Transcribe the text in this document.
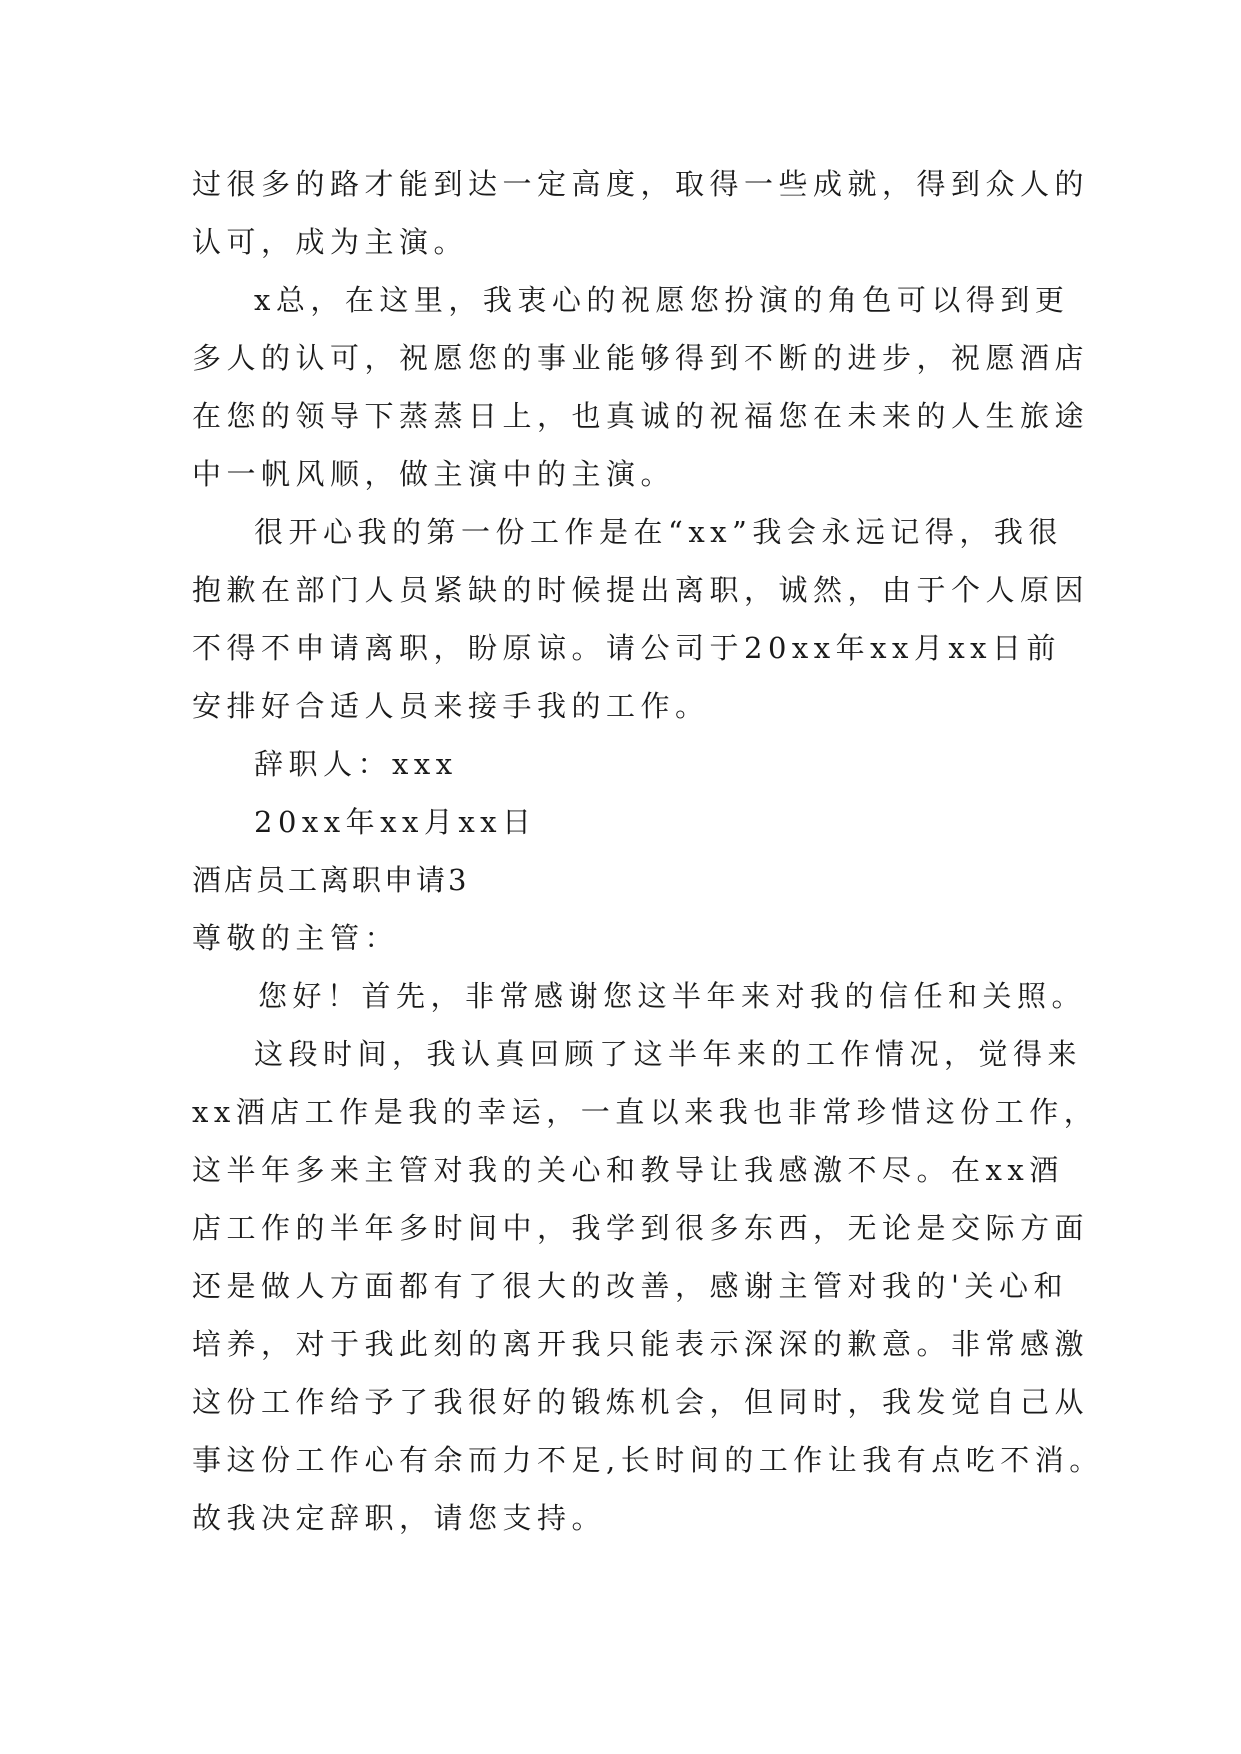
过很多的路才能到达一定高度，取得一些成就，得到众人的
认可，成为主演。
x总，在这里，我衷心的祝愿您扮演的角色可以得到更
多人的认可，祝愿您的事业能够得到不断的进步，祝愿酒店
在您的领导下蒸蒸日上，也真诚的祝福您在未来的人生旅途
中一帆风顺，做主演中的主演。
很开心我的第一份工作是在“xx”我会永远记得，我很
抱歉在部门人员紧缺的时候提出离职，诚然，由于个人原因
不得不申请离职，盼原谅。请公司于20xx年xx月xx日前
安排好合适人员来接手我的工作。
辞职人：xxx
20xx年xx月xx日
酒店员工离职申请3
尊敬的主管：
您好！首先，非常感谢您这半年来对我的信任和关照。
这段时间，我认真回顾了这半年来的工作情况，觉得来
xx酒店工作是我的幸运，一直以来我也非常珍惜这份工作，
这半年多来主管对我的关心和教导让我感激不尽。在xx酒
店工作的半年多时间中，我学到很多东西，无论是交际方面
还是做人方面都有了很大的改善，感谢主管对我的'关心和
培养，对于我此刻的离开我只能表示深深的歉意。非常感激
这份工作给予了我很好的锻炼机会，但同时，我发觉自己从
事这份工作心有余而力不足,长时间的工作让我有点吃不消。
故我决定辞职，请您支持。
